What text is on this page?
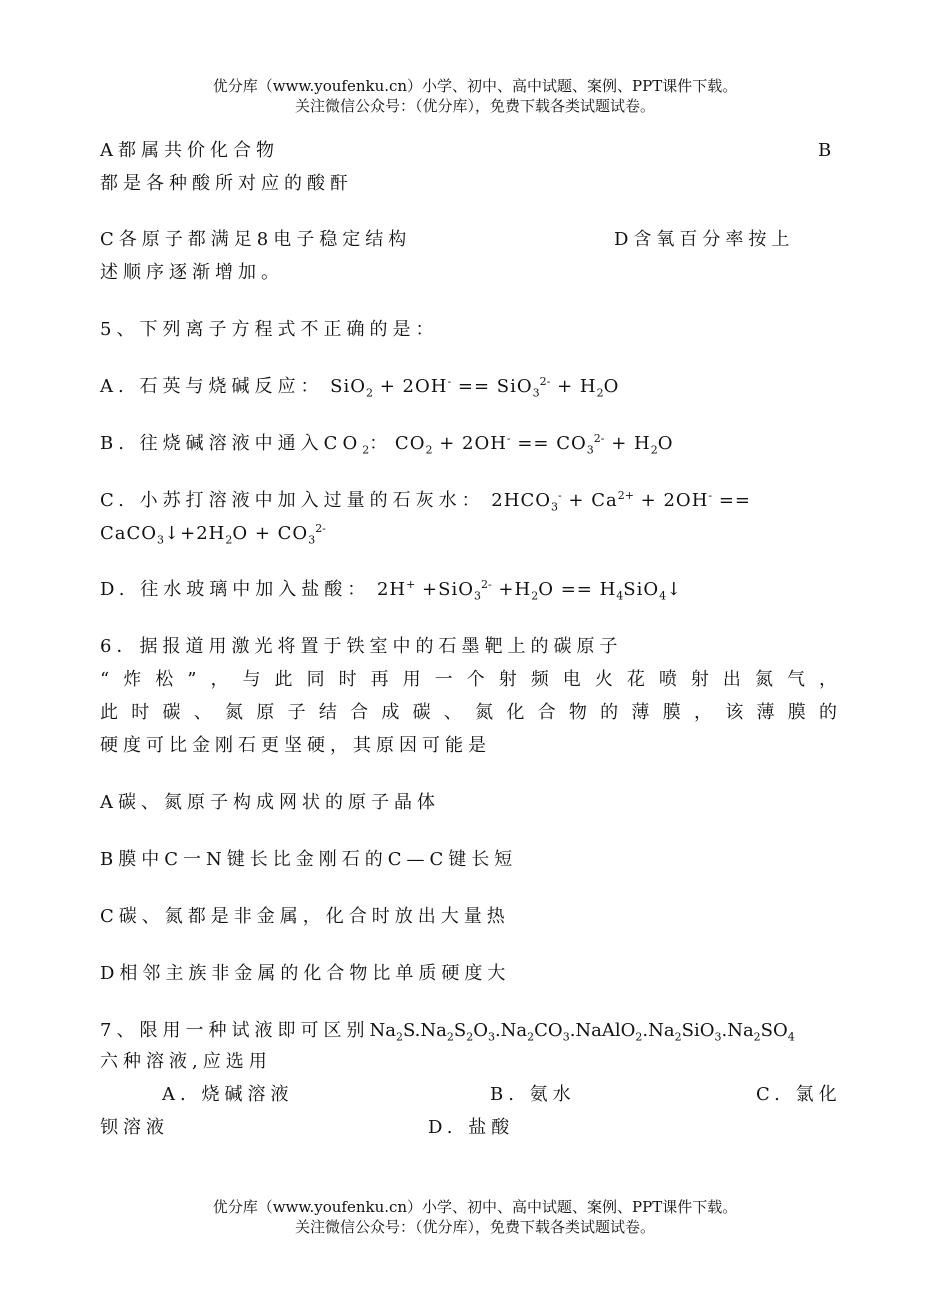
优分库（www.youfenku.cn）小学、初中、高中试题、案例、PPT课件下载。
关注微信公众号：（优分库），免费下载各类试题试卷。
A都属共价化合物	B
都是各种酸所对应的酸酐
C各原子都满足8电子稳定结构	D含氧百分率按上
述顺序逐渐增加。
5、下列离子方程式不正确的是：
A. 石英与烧碱反应： $SiO_2 + 2OH^- == SiO_3^{2-} + H_2O$
B. 往烧碱溶液中通入$CO_2$： $CO_2 + 2OH^- == CO_3^{2-} + H_2O$
C. 小苏打溶液中加入过量的石灰水： $2HCO_3^- + Ca^{2+} + 2OH^-$ ==
$CaCO_3↓+2H_2O + CO_3^{2-}$
D. 往水玻璃中加入盐酸： $2H^+ +SiO_3^{2-} +H_2O$ == $H_4SiO_4↓$
6．据报道用激光将置于铁室中的石墨靶上的碳原子
“炸松”，与此同时再用一个射频电火花喷射出氮气，
此时碳、氮原子结合成碳、氮化合物的薄膜，该薄膜的
硬度可比金刚石更坚硬，其原因可能是
A碳、氮原子构成网状的原子晶体
B膜中C一N键长比金刚石的C—C键长短
C碳、氮都是非金属，化合时放出大量热
D相邻主族非金属的化合物比单质硬度大
7、限用一种试液即可区别$Na_2S.Na_2S_2O_3.Na_2CO_3.NaAlO_2.Na_2SiO_3.Na_2SO_4$
六种溶液,应选用
A. 烧碱溶液	B. 氨水	C. 氯化
钡溶液	D. 盐酸
优分库（www.youfenku.cn）小学、初中、高中试题、案例、PPT课件下载。
关注微信公众号：（优分库），免费下载各类试题试卷。
